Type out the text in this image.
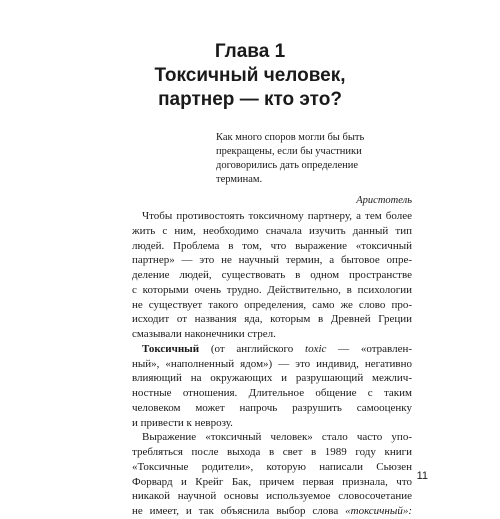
Глава 1
Токсичный человек,
партнер — кто это?
Как много споров могли бы быть
прекращены, если бы участники
договорились дать определение
терминам.
Аристотель
Чтобы противостоять токсичному партнеру, а тем более
жить с ним, необходимо сначала изучить данный тип
людей. Проблема в том, что выражение «токсичный
партнер» — это не научный термин, а бытовое опре-
деление людей, существовать в одном пространстве
с которыми очень трудно. Действительно, в психологии
не существует такого определения, само же слово про-
исходит от названия яда, которым в Древней Греции
смазывали наконечники стрел.
Токсичный (от английского toxic — «отравлен-
ный», «наполненный ядом») — это индивид, негативно
влияющий на окружающих и разрушающий межлич-
ностные отношения. Длительное общение с таким
человеком может напрочь разрушить самооценку
и привести к неврозу.
Выражение «токсичный человек» стало часто упо-
требляться после выхода в свет в 1989 году книги
«Токсичные родители», которую написали Сьюзен
Форвард и Крейг Бак, причем первая признала, что
никакой научной основы используемое словосочетание
не имеет, и так объяснила выбор слова «токсичный»:
11
